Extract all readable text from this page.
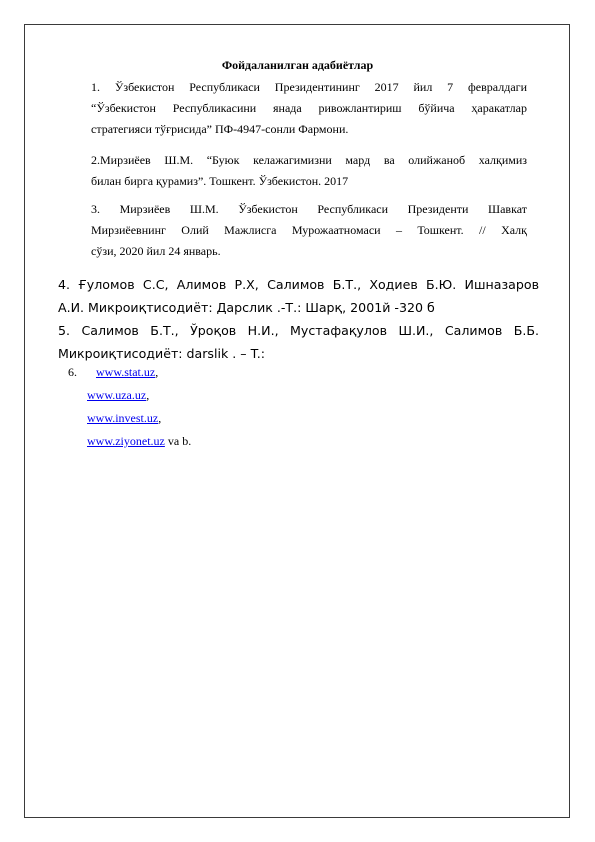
Фойдаланилган адабиётлар
1. Ўзбекистон Республикаси Президентининг 2017 йил 7 февралдаги
“Ўзбекистон Республикасини янада ривожлантириш бўйича ҳаракатлар
стратегияси тўғрисида” ПФ-4947-сонли Фармони.
2.Мирзиёев Ш.М. “Буюк келажагимизни мард ва олийжаноб халқимиз
билан бирга қурамиз”. Тошкент. Ўзбекистон. 2017
3. Мирзиёев Ш.М. Ўзбекистон Республикаси Президенти Шавкат
Мирзиёевнинг Олий Мажлисга Мурожаатномаси – Тошкент. // Халқ
сўзи, 2020 йил 24 январь.
4. Ғуломов С.С, Алимов Р.Х, Салимов Б.Т., Ходиев Б.Ю. Ишназаров
А.И. Микроиқтисодиёт: Дарслик .-Т.: Шарқ, 2001й -320 б
5. Салимов Б.Т., Ўроқов Н.И., Мустафақулов Ш.И., Салимов Б.Б.
Микроиқтисодиёт: darslik . – T.:
6. www.stat.uz,
www.uza.uz,
www.invest.uz,
www.ziyonet.uz va b.
